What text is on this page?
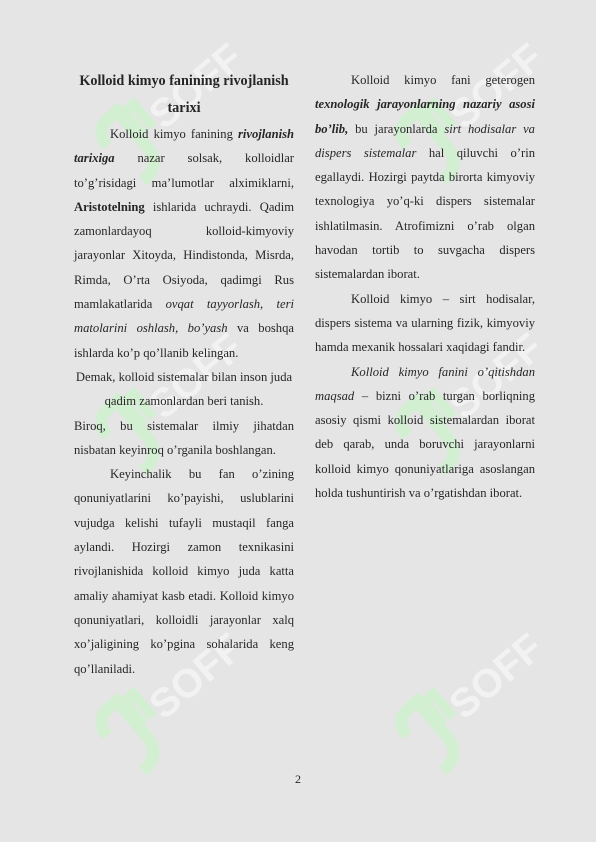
SOFF	SOFF
SOFF	SOFF
SOFF	SOFF
Kolloid kimyo fanining rivojlanish tarixi

Kolloid kimyo fanining rivojlanish tarixiga nazar solsak, kolloidlar to’g’risidagi ma’lumotlar alximiklarni, Aristotelning ishlarida uchraydi. Qadim zamonlardayoq kolloid-kimyoviy jarayonlar Xitoyda, Hindistonda, Misrda, Rimda, O’rta Osiyoda, qadimgi Rus mamlakatlarida ovqat tayyorlash, teri matolarini oshlash, bo’yash va boshqa ishlarda ko’p qo’llanib kelingan.

Demak, kolloid sistemalar bilan inson juda qadim zamonlardan beri tanish.

Biroq, bu sistemalar ilmiy jihatdan nisbatan keyinroq o’rganila boshlangan.

Keyinchalik bu fan o’zining qonuniyatlarini ko’payishi, uslublarini vujudga kelishi tufayli mustaqil fanga aylandi. Hozirgi zamon texnikasini rivojlanishida kolloid kimyo juda katta amaliy ahamiyat kasb etadi. Kolloid kimyo qonuniyatlari, kolloidli jarayonlar xalq xo’jaligining ko’pgina sohalarida keng qo’llaniladi.

Kolloid kimyo fani geterogen texnologik jarayonlarning nazariy asosi bo’lib, bu jarayonlarda sirt hodisalar va dispers sistemalar hal qiluvchi o’rin egallaydi. Hozirgi paytda birorta kimyoviy texnologiya yo’q-ki dispers sistemalar ishlatilmasin. Atrofimizni o’rab olgan havodan tortib to suvgacha dispers sistemalardan iborat.

Kolloid kimyo – sirt hodisalar, dispers sistema va ularning fizik, kimyoviy hamda mexanik hossalari xaqidagi fandir.

Kolloid kimyo fanini o’qitishdan maqsad – bizni o’rab turgan borliqning asosiy qismi kolloid sistemalardan iborat deb qarab, unda boruvchi jarayonlarni kolloid kimyo qonuniyatlariga asoslangan holda tushuntirish va o’rgatishdan iborat.

2
